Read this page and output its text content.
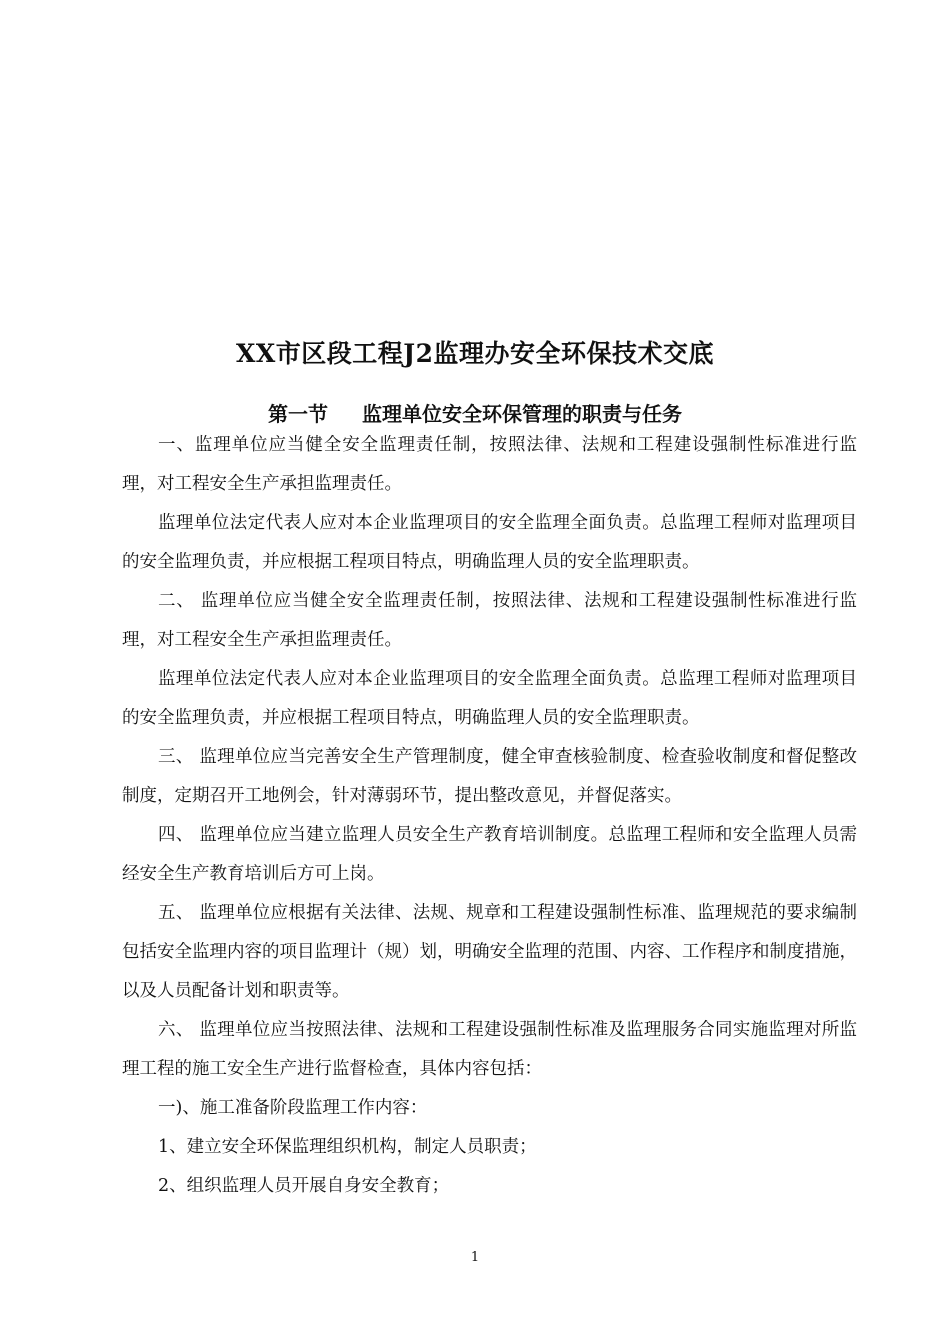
XX市区段工程J2监理办安全环保技术交底
第一节 监理单位安全环保管理的职责与任务

一、监理单位应当健全安全监理责任制，按照法律、法规和工程建设强制性标准进行监理，对工程安全生产承担监理责任。

监理单位法定代表人应对本企业监理项目的安全监理全面负责。总监理工程师对监理项目的安全监理负责，并应根据工程项目特点，明确监理人员的安全监理职责。

二、 监理单位应当健全安全监理责任制，按照法律、法规和工程建设强制性标准进行监理，对工程安全生产承担监理责任。

监理单位法定代表人应对本企业监理项目的安全监理全面负责。总监理工程师对监理项目的安全监理负责，并应根据工程项目特点，明确监理人员的安全监理职责。

三、 监理单位应当完善安全生产管理制度，健全审查核验制度、检查验收制度和督促整改制度，定期召开工地例会，针对薄弱环节，提出整改意见，并督促落实。

四、 监理单位应当建立监理人员安全生产教育培训制度。总监理工程师和安全监理人员需经安全生产教育培训后方可上岗。

五、 监理单位应根据有关法律、法规、规章和工程建设强制性标准、监理规范的要求编制包括安全监理内容的项目监理计（规）划，明确安全监理的范围、内容、工作程序和制度措施，以及人员配备计划和职责等。

六、 监理单位应当按照法律、法规和工程建设强制性标准及监理服务合同实施监理对所监理工程的施工安全生产进行监督检查，具体内容包括：

一)、施工准备阶段监理工作内容：

1、建立安全环保监理组织机构，制定人员职责；

2、组织监理人员开展自身安全教育；

1
